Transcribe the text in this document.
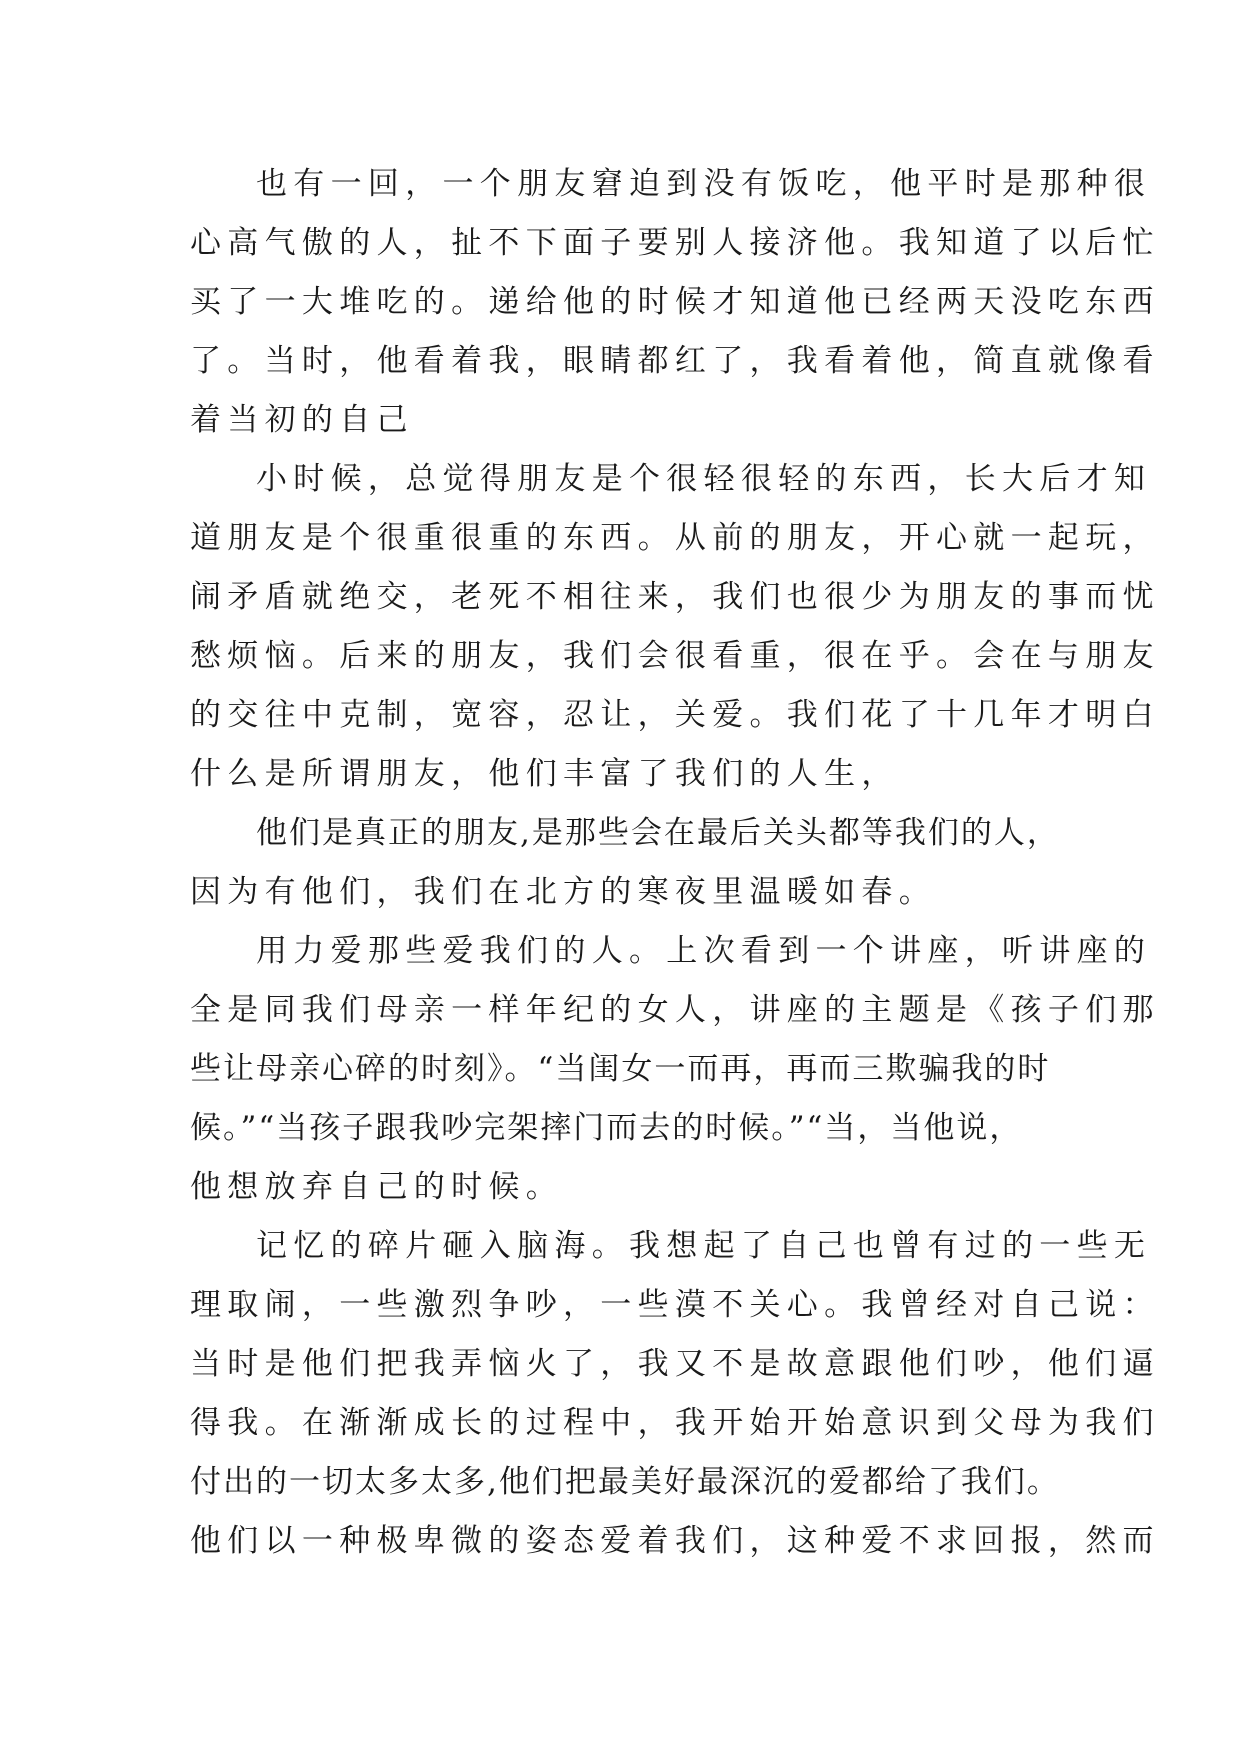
也有一回，一个朋友窘迫到没有饭吃，他平时是那种很
心高气傲的人，扯不下面子要别人接济他。我知道了以后忙
买了一大堆吃的。递给他的时候才知道他已经两天没吃东西
了。当时，他看着我，眼睛都红了，我看着他，简直就像看
着当初的自己
小时候，总觉得朋友是个很轻很轻的东西，长大后才知
道朋友是个很重很重的东西。从前的朋友，开心就一起玩，
闹矛盾就绝交，老死不相往来，我们也很少为朋友的事而忧
愁烦恼。后来的朋友，我们会很看重，很在乎。会在与朋友
的交往中克制，宽容，忍让，关爱。我们花了十几年才明白
什么是所谓朋友，他们丰富了我们的人生，
他们是真正的朋友,是那些会在最后关头都等我们的人，
因为有他们，我们在北方的寒夜里温暖如春。
用力爱那些爱我们的人。上次看到一个讲座，听讲座的
全是同我们母亲一样年纪的女人，讲座的主题是《孩子们那
些让母亲心碎的时刻》。“当闺女一而再，再而三欺骗我的时
候。”“当孩子跟我吵完架摔门而去的时候。”“当，当他说，
他想放弃自己的时候。
记忆的碎片砸入脑海。我想起了自己也曾有过的一些无
理取闹，一些激烈争吵，一些漠不关心。我曾经对自己说：
当时是他们把我弄恼火了，我又不是故意跟他们吵，他们逼
得我。在渐渐成长的过程中，我开始开始意识到父母为我们
付出的一切太多太多,他们把最美好最深沉的爱都给了我们。
他们以一种极卑微的姿态爱着我们，这种爱不求回报，然而
